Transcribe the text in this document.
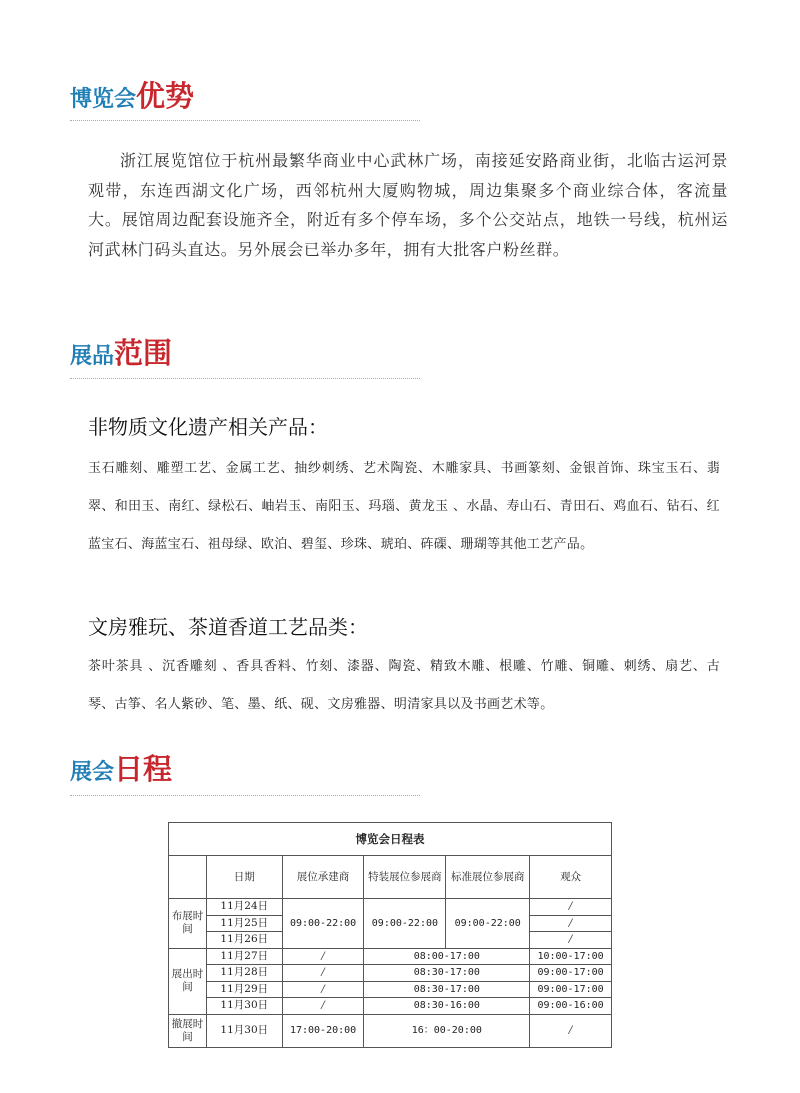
博览会优势

浙江展览馆位于杭州最繁华商业中心武林广场，南接延安路商业街，北临古运河景观带，东连西湖文化广场，西邻杭州大厦购物城，周边集聚多个商业综合体，客流量大。展馆周边配套设施齐全，附近有多个停车场，多个公交站点，地铁一号线，杭州运河武林门码头直达。另外展会已举办多年，拥有大批客户粉丝群。

展品范围
非物质文化遗产相关产品：

玉石雕刻、雕塑工艺、金属工艺、抽纱刺绣、艺术陶瓷、木雕家具、书画篆刻、金银首饰、珠宝玉石、翡翠、和田玉、南红、绿松石、岫岩玉、南阳玉、玛瑙、黄龙玉 、水晶、寿山石、青田石、鸡血石、钻石、红蓝宝石、海蓝宝石、祖母绿、欧泊、碧玺、珍珠、琥珀、砗磲、珊瑚等其他工艺产品。

文房雅玩、茶道香道工艺品类：

茶叶茶具 、沉香雕刻 、香具香料、竹刻、漆器、陶瓷、精致木雕、根雕、竹雕、铜雕、刺绣、扇艺、古琴、古筝、名人紫砂、笔、墨、纸、砚、文房雅器、明清家具以及书画艺术等。

展会日程
博览会日程表					
	日期	展位承建商	特装展位参展商	标准展位参展商	观众
布展时间	11月24日	09:00-22:00	09:00-22:00	09:00-22:00	/
	11月25日				/
	11月26日				/
展出时间	11月27日	/	08:00-17:00		10:00-17:00
	11月28日	/	08:30-17:00		09:00-17:00
	11月29日	/	08:30-17:00		09:00-17:00
	11月30日	/	08:30-16:00		09:00-16:00
撤展时间	11月30日	17:00-20:00	16：00-20:00		/
